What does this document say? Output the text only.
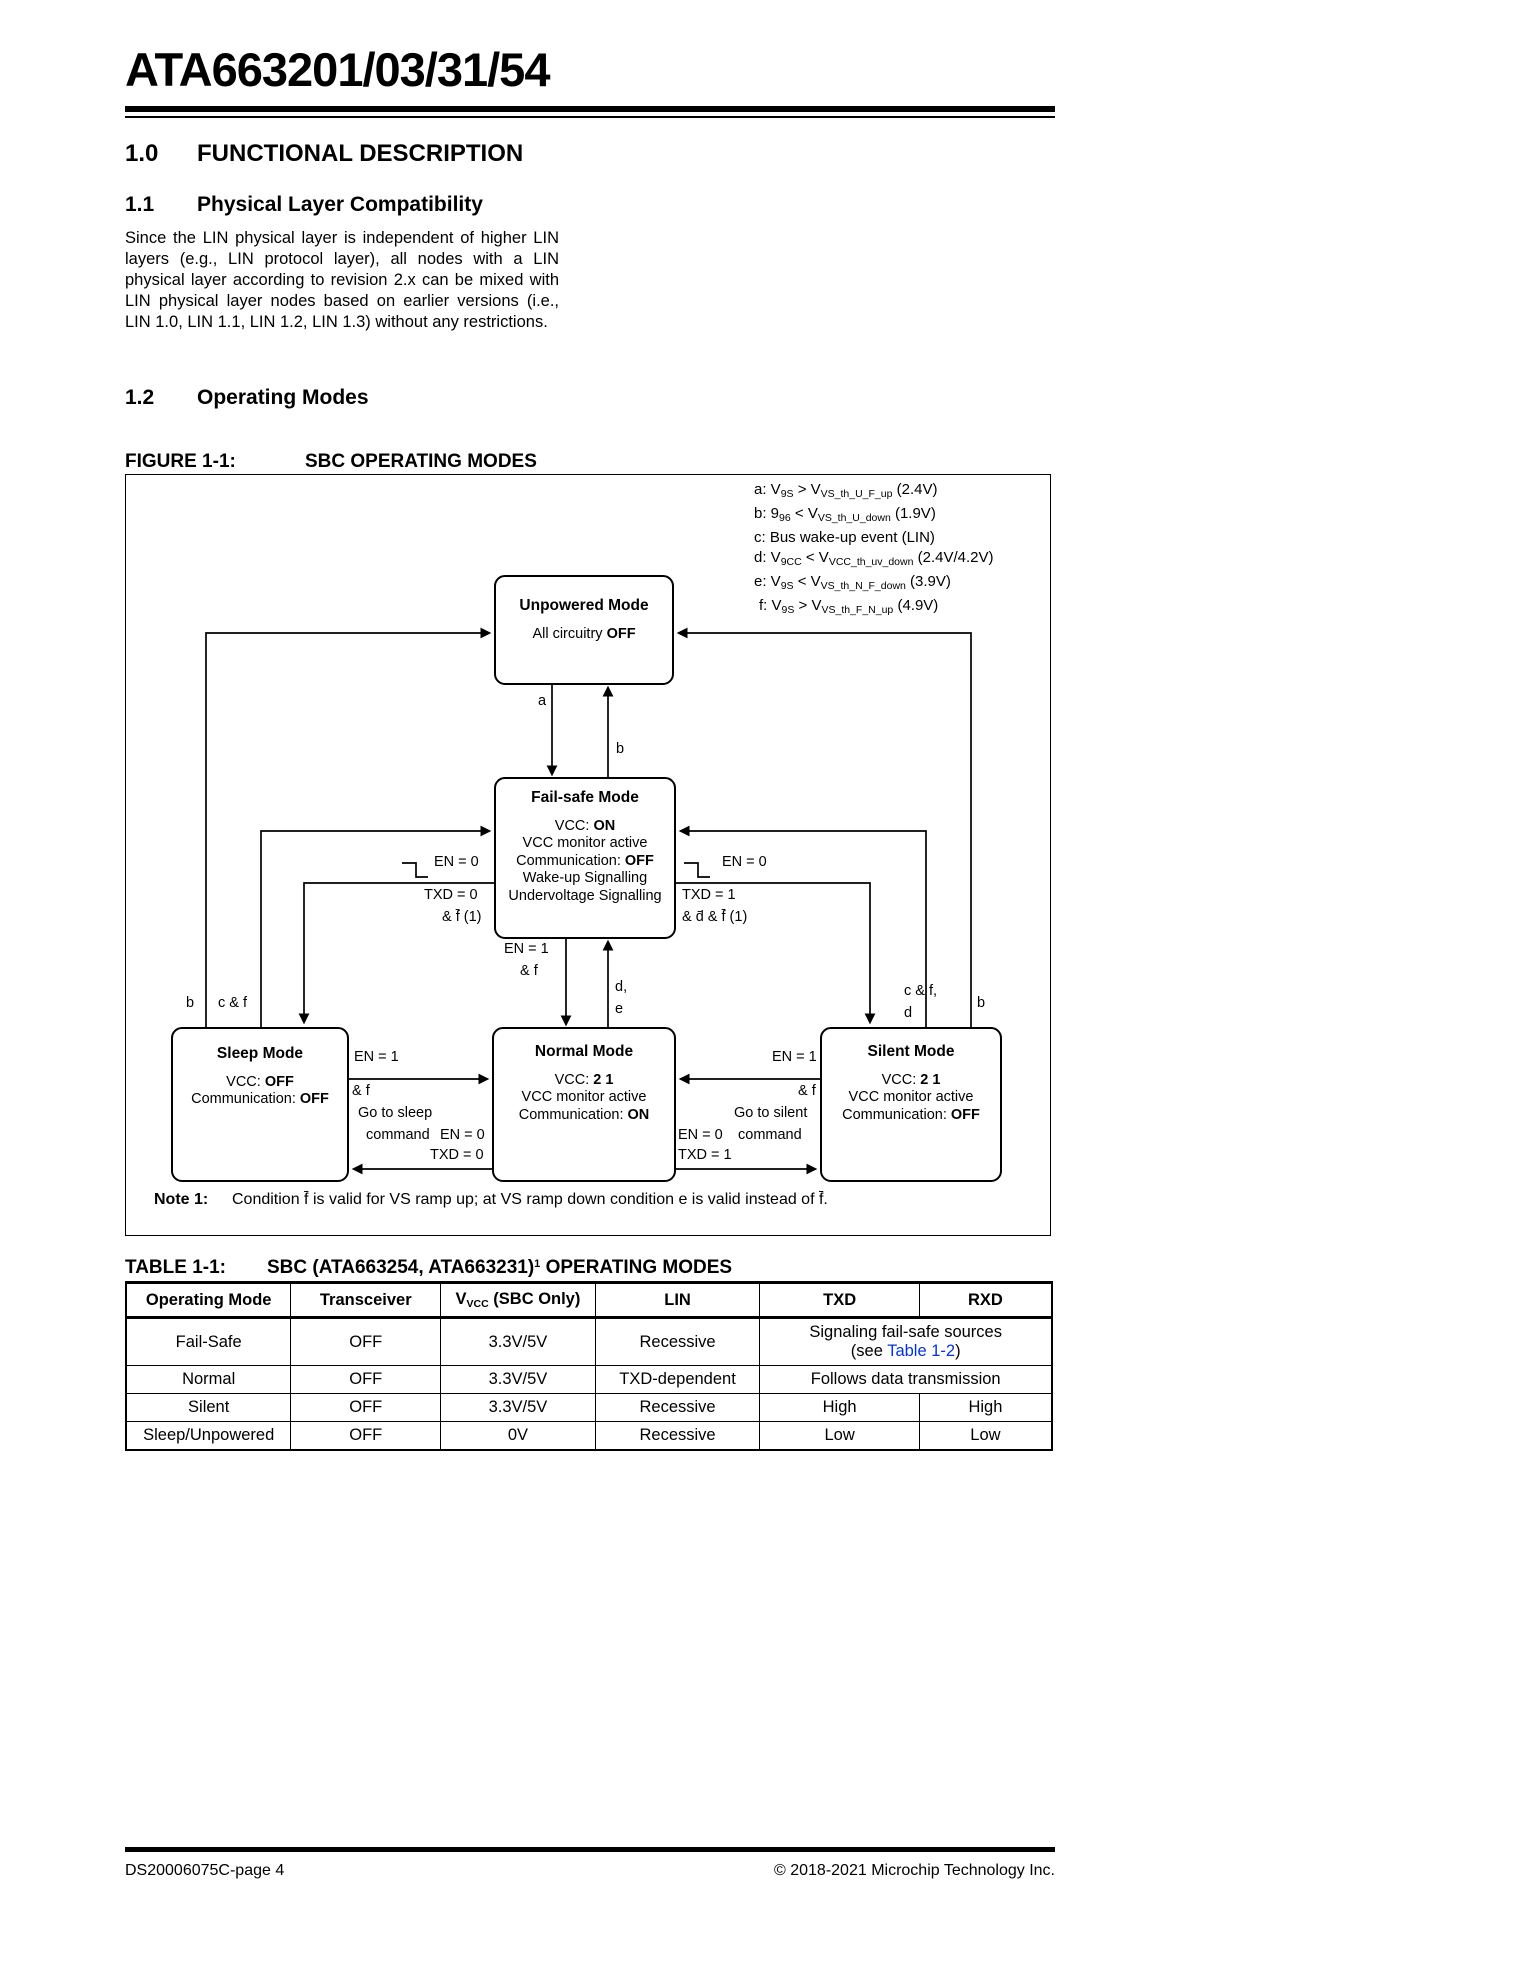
ATA663201/03/31/54
1.0	FUNCTIONAL DESCRIPTION
1.1	Physical Layer Compatibility
Since the LIN physical layer is independent of higher LIN layers (e.g., LIN protocol layer), all nodes with a LIN physical layer according to revision 2.x can be mixed with LIN physical layer nodes based on earlier versions (i.e., LIN 1.0, LIN 1.1, LIN 1.2, LIN 1.3) without any restrictions.
1.2	Operating Modes
FIGURE 1-1:	SBC OPERATING MODES
a: $V_{9S} > V_{VS\_th\_U\_F\_up}$ (2.4V)
b: $9_{96} < V_{VS\_th\_U\_down}$ (1.9V)
c: Bus wake-up event (LIN)
d: $V_{9CC} < V_{VCC\_th\_uv\_down}$ (2.4V/4.2V)
e: $V_{9S} < V_{VS\_th\_N\_F\_down}$ (3.9V)
f: $V_{9S} > V_{VS\_th\_F\_N\_up}$ (4.9V)
Unpowered Mode
All circuitry OFF
Fail-safe Mode
VCC: ON
VCC monitor active
Communication: OFF
Wake-up Signalling
Undervoltage Signalling
Sleep Mode
VCC: OFF
Communication: OFF
Normal Mode
VCC: 2 1
VCC monitor active
Communication: ON
Silent Mode
VCC: 2 1
VCC monitor active
Communication: OFF
a
b
EN = 1
& f
d,
e
EN = 0
TXD = 0
& f̄ (1)
EN = 0
TXD = 1
& d̄ & f̄ (1)
b c & f
c & f,
d
b
EN = 1
& f
Go to sleep
command EN = 0
TXD = 0
EN = 1
& f
Go to silent
EN = 0 command
TXD = 1
Note 1: Condition f̄ is valid for VS ramp up; at VS ramp down condition e is valid instead of f̄.
TABLE 1-1:	SBC (ATA663254, ATA663231)$^1$ OPERATING MODES
Operating Mode	Transceiver	$V_{VCC}$ (SBC Only)	LIN	TXD	RXD
Fail-Safe	OFF	3.3V/5V	Recessive	Signaling fail-safe sources
(see Table 1-2)	

Normal	OFF	3.3V/5V	TXD-dependent	Follows data transmission	
Silent	OFF	3.3V/5V	Recessive	High	High
Sleep/Unpowered	OFF	0V	Recessive	Low	Low
DS20006075C-page 4	© 2018-2021 Microchip Technology Inc.
